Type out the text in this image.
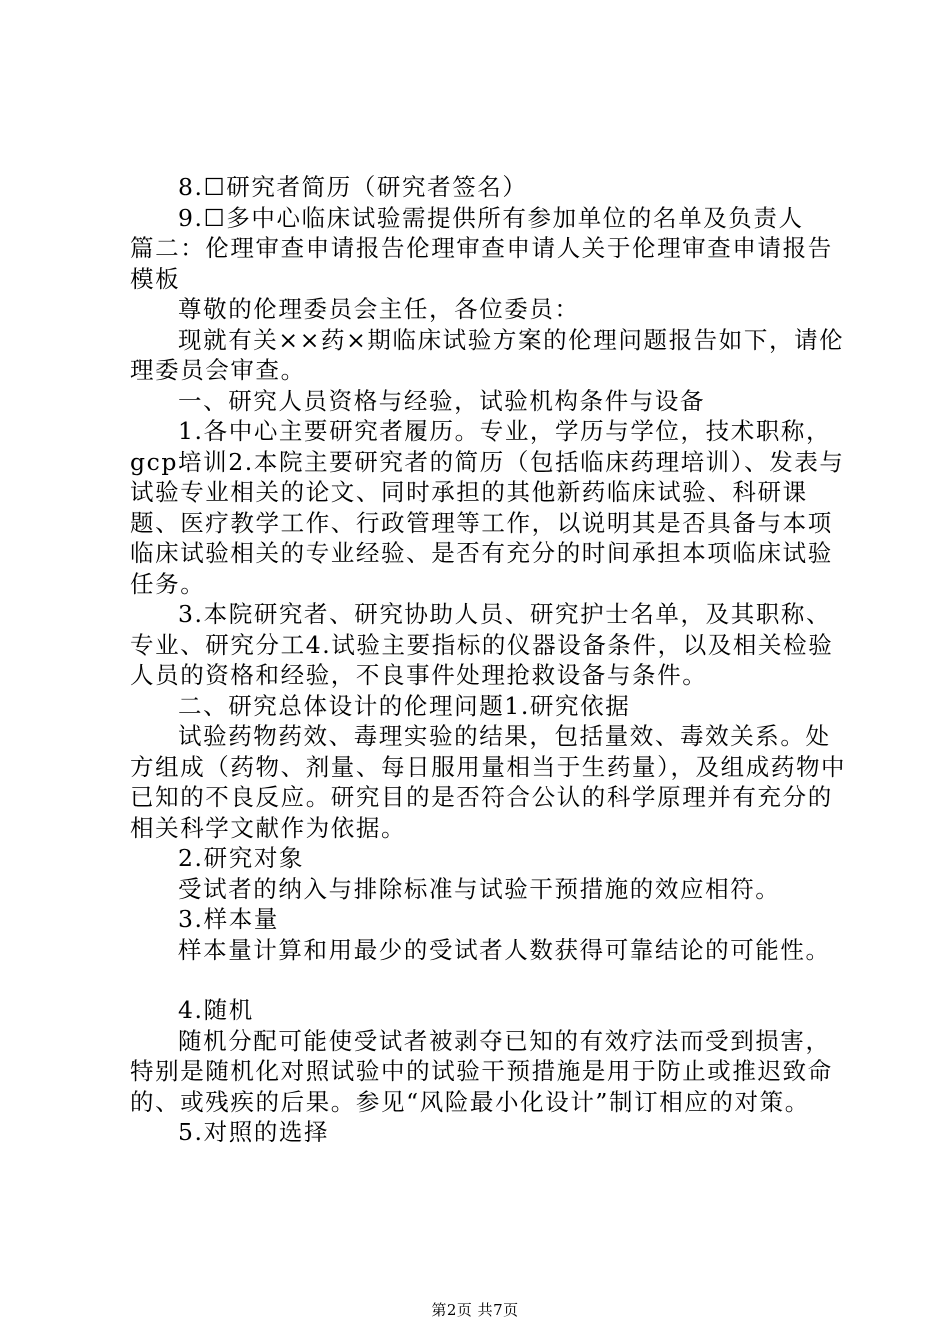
8.☐研究者简历（研究者签名）

9.☐多中心临床试验需提供所有参加单位的名单及负责人

篇二：伦理审查申请报告伦理审查申请人关于伦理审查申请报告模板

尊敬的伦理委员会主任，各位委员：

现就有关××药×期临床试验方案的伦理问题报告如下，请伦理委员会审查。

一、研究人员资格与经验，试验机构条件与设备

1.各中心主要研究者履历。专业，学历与学位，技术职称，gcp培训2.本院主要研究者的简历（包括临床药理培训）、发表与试验专业相关的论文、同时承担的其他新药临床试验、科研课题、医疗教学工作、行政管理等工作，以说明其是否具备与本项临床试验相关的专业经验、是否有充分的时间承担本项临床试验任务。

3.本院研究者、研究协助人员、研究护士名单，及其职称、专业、研究分工4.试验主要指标的仪器设备条件，以及相关检验人员的资格和经验，不良事件处理抢救设备与条件。

二、研究总体设计的伦理问题1.研究依据

试验药物药效、毒理实验的结果，包括量效、毒效关系。处方组成（药物、剂量、每日服用量相当于生药量），及组成药物中已知的不良反应。研究目的是否符合公认的科学原理并有充分的相关科学文献作为依据。

2.研究对象

受试者的纳入与排除标准与试验干预措施的效应相符。

3.样本量

样本量计算和用最少的受试者人数获得可靠结论的可能性。

4.随机

随机分配可能使受试者被剥夺已知的有效疗法而受到损害，特别是随机化对照试验中的试验干预措施是用于防止或推迟致命的、或残疾的后果。参见“风险最小化设计”制订相应的对策。

5.对照的选择

第2页 共7页
